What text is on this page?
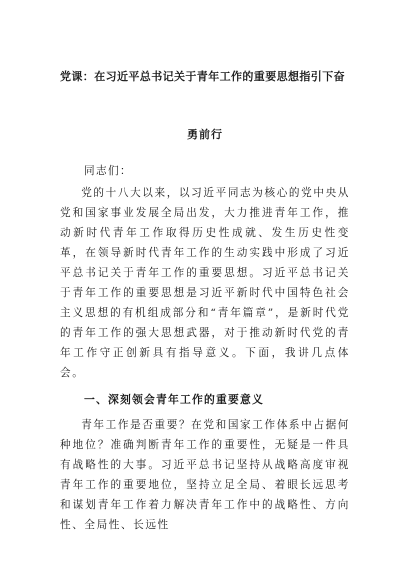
党课：在习近平总书记关于青年工作的重要思想指引下奋
勇前行
同志们：

党的十八大以来，以习近平同志为核心的党中央从党和国家事业发展全局出发，大力推进青年工作，推动新时代青年工作取得历史性成就、发生历史性变革，在领导新时代青年工作的生动实践中形成了习近平总书记关于青年工作的重要思想。习近平总书记关于青年工作的重要思想是习近平新时代中国特色社会主义思想的有机组成部分和“青年篇章”，是新时代党的青年工作的强大思想武器，对于推动新时代党的青年工作守正创新具有指导意义。下面，我讲几点体会。

一、深刻领会青年工作的重要意义

青年工作是否重要？在党和国家工作体系中占据何种地位？准确判断青年工作的重要性，无疑是一件具有战略性的大事。习近平总书记坚持从战略高度审视青年工作的重要地位，坚持立足全局、着眼长远思考和谋划青年工作着力解决青年工作中的战略性、方向性、全局性、长远性
